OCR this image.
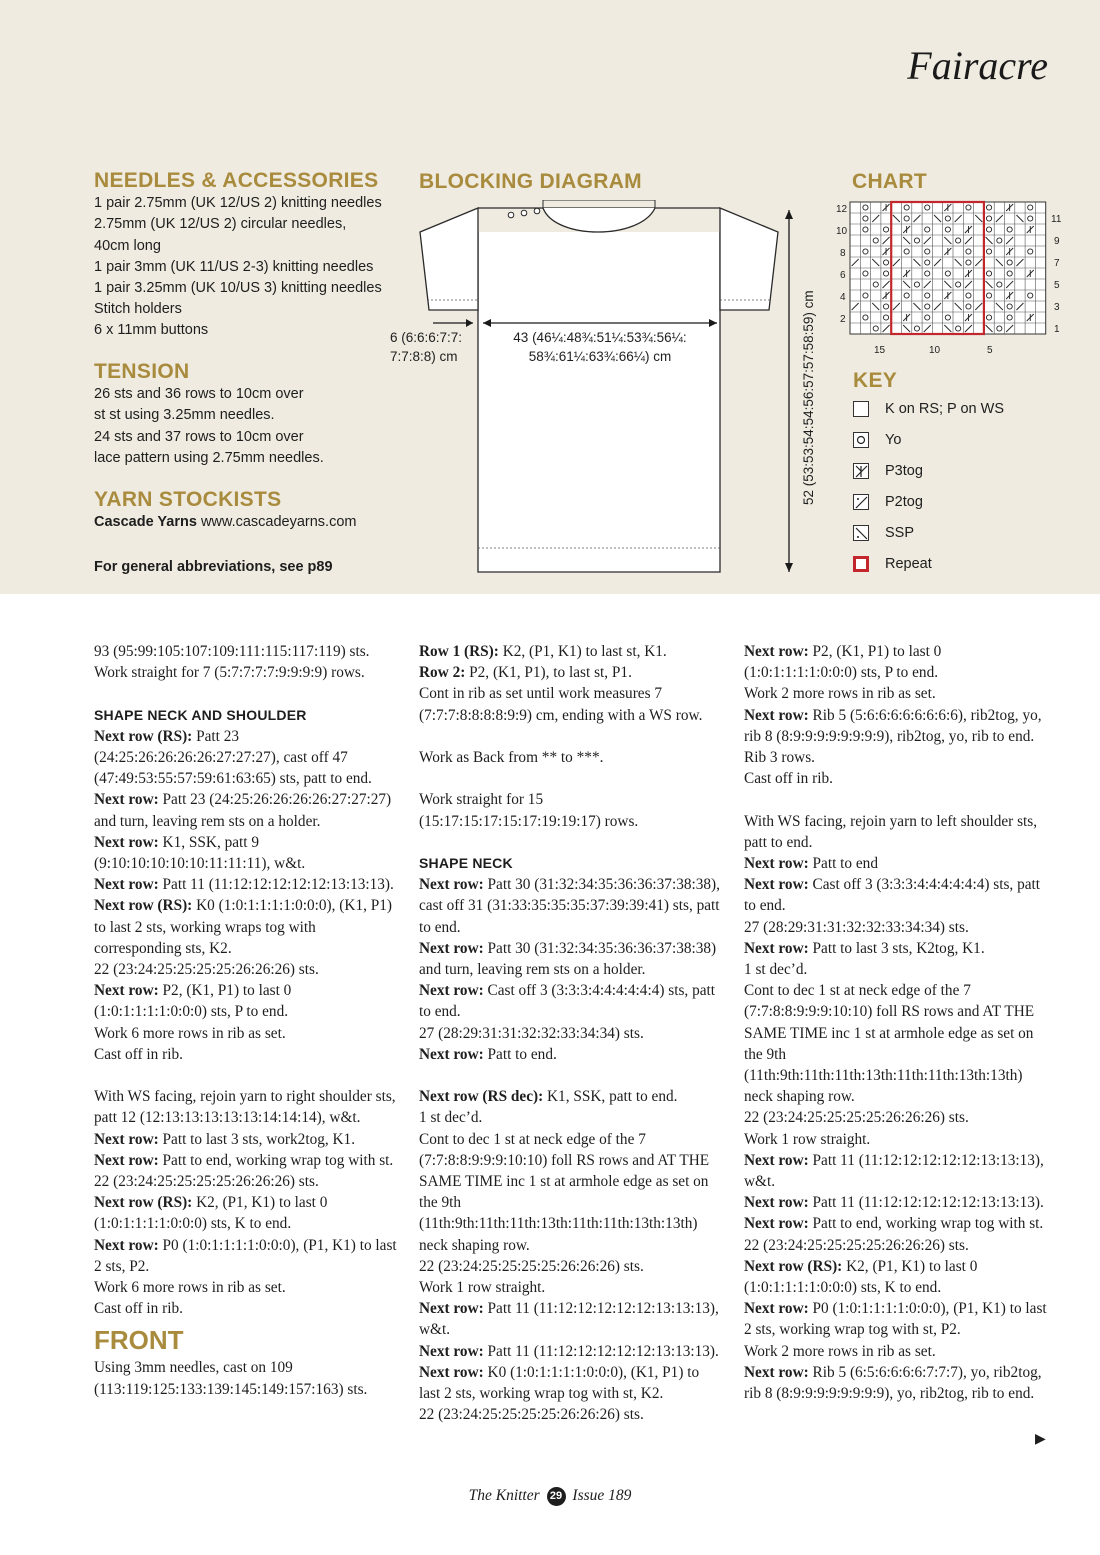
Fairacre
NEEDLES & ACCESSORIES
1 pair 2.75mm (UK 12/US 2) knitting needles
2.75mm (UK 12/US 2) circular needles,
40cm long
1 pair 3mm (UK 11/US 2-3) knitting needles
1 pair 3.25mm (UK 10/US 3) knitting needles
Stitch holders
6 x 11mm buttons
TENSION
26 sts and 36 rows to 10cm over
st st using 3.25mm needles.
24 sts and 37 rows to 10cm over
lace pattern using 2.75mm needles.
YARN STOCKISTS
Cascade Yarns www.cascadeyarns.com
For general abbreviations, see p89
BLOCKING DIAGRAM
6 (6:6:6:7:7:
7:7:8:8) cm
43 (46¼:48¾:51¼:53¾:56¼:
58¾:61¼:63¾:66¼) cm	52 (53:53:54:54:56:57:57:58:59) cm
CHART
12
10
8
6
4
2
11
9
7
5
3
1
15	10	5
KEY
K on RS; P on WS
Yo
P3tog
P2tog
SSP
Repeat

93 (95:99:105:107:109:111:115:117:119) sts.

Work straight for 7 (5:7:7:7:7:9:9:9:9) rows.

SHAPE NECK AND SHOULDER

Next row (RS): Patt 23 (24:25:26:26:26:26:27:27:27), cast off 47 (47:49:53:55:57:59:61:63:65) sts, patt to end.

Next row: Patt 23 (24:25:26:26:26:26:27:27:27) and turn, leaving rem sts on a holder.

Next row: K1, SSK, patt 9 (9:10:10:10:10:10:11:11:11), w&t.

Next row: Patt 11 (11:12:12:12:12:12:13:13:13).

Next row (RS): K0 (1:0:1:1:1:1:0:0:0), (K1, P1) to last 2 sts, working wraps tog with corresponding sts, K2.

22 (23:24:25:25:25:25:26:26:26) sts.

Next row: P2, (K1, P1) to last 0 (1:0:1:1:1:1:0:0:0) sts, P to end.

Work 6 more rows in rib as set.

Cast off in rib.

With WS facing, rejoin yarn to right shoulder sts, patt 12 (12:13:13:13:13:13:14:14:14), w&t.

Next row: Patt to last 3 sts, work2tog, K1.

Next row: Patt to end, working wrap tog with st.

22 (23:24:25:25:25:25:26:26:26) sts.

Next row (RS): K2, (P1, K1) to last 0 (1:0:1:1:1:1:0:0:0) sts, K to end.

Next row: P0 (1:0:1:1:1:1:0:0:0), (P1, K1) to last 2 sts, P2.

Work 6 more rows in rib as set.

Cast off in rib.

FRONT

Using 3mm needles, cast on 109 (113:119:125:133:139:145:149:157:163) sts.

Row 1 (RS): K2, (P1, K1) to last st, K1.

Row 2: P2, (K1, P1), to last st, P1.

Cont in rib as set until work measures 7 (7:7:7:8:8:8:8:9:9) cm, ending with a WS row.

Work as Back from ** to ***.

Work straight for 15 (15:17:15:17:15:17:19:19:17) rows.

SHAPE NECK

Next row: Patt 30 (31:32:34:35:36:36:37:38:38), cast off 31 (31:33:35:35:35:37:39:39:41) sts, patt to end.

Next row: Patt 30 (31:32:34:35:36:36:37:38:38) and turn, leaving rem sts on a holder.

Next row: Cast off 3 (3:3:3:4:4:4:4:4:4) sts, patt to end.

27 (28:29:31:31:32:32:33:34:34) sts.

Next row: Patt to end.

Next row (RS dec): K1, SSK, patt to end.

1 st dec’d.

Cont to dec 1 st at neck edge of the 7 (7:7:8:8:9:9:9:10:10) foll RS rows and AT THE SAME TIME inc 1 st at armhole edge as set on the 9th (11th:9th:11th:11th:13th:11th:11th:13th:13th) neck shaping row.

22 (23:24:25:25:25:25:26:26:26) sts.

Work 1 row straight.

Next row: Patt 11 (11:12:12:12:12:12:13:13:13), w&t.

Next row: Patt 11 (11:12:12:12:12:12:13:13:13).

Next row: K0 (1:0:1:1:1:1:0:0:0), (K1, P1) to last 2 sts, working wrap tog with st, K2.

22 (23:24:25:25:25:25:26:26:26) sts.

Next row: P2, (K1, P1) to last 0 (1:0:1:1:1:1:0:0:0) sts, P to end.

Work 2 more rows in rib as set.

Next row: Rib 5 (5:6:6:6:6:6:6:6:6), rib2tog, yo, rib 8 (8:9:9:9:9:9:9:9:9), rib2tog, yo, rib to end.

Rib 3 rows.

Cast off in rib.

With WS facing, rejoin yarn to left shoulder sts, patt to end.

Next row: Patt to end

Next row: Cast off 3 (3:3:3:4:4:4:4:4:4) sts, patt to end.

27 (28:29:31:31:32:32:33:34:34) sts.

Next row: Patt to last 3 sts, K2tog, K1.

1 st dec’d.

Cont to dec 1 st at neck edge of the 7 (7:7:8:8:9:9:9:10:10) foll RS rows and AT THE SAME TIME inc 1 st at armhole edge as set on the 9th (11th:9th:11th:11th:13th:11th:11th:13th:13th) neck shaping row.

22 (23:24:25:25:25:25:26:26:26) sts.

Work 1 row straight.

Next row: Patt 11 (11:12:12:12:12:12:13:13:13), w&t.

Next row: Patt 11 (11:12:12:12:12:12:13:13:13).

Next row: Patt to end, working wrap tog with st.

22 (23:24:25:25:25:25:26:26:26) sts.

Next row (RS): K2, (P1, K1) to last 0 (1:0:1:1:1:1:0:0:0) sts, K to end.

Next row: P0 (1:0:1:1:1:1:0:0:0), (P1, K1) to last 2 sts, working wrap tog with st, P2.

Work 2 more rows in rib as set.

Next row: Rib 5 (6:5:6:6:6:6:7:7:7), yo, rib2tog, rib 8 (8:9:9:9:9:9:9:9:9), yo, rib2tog, rib to end.

▶
The Knitter 29 Issue 189
